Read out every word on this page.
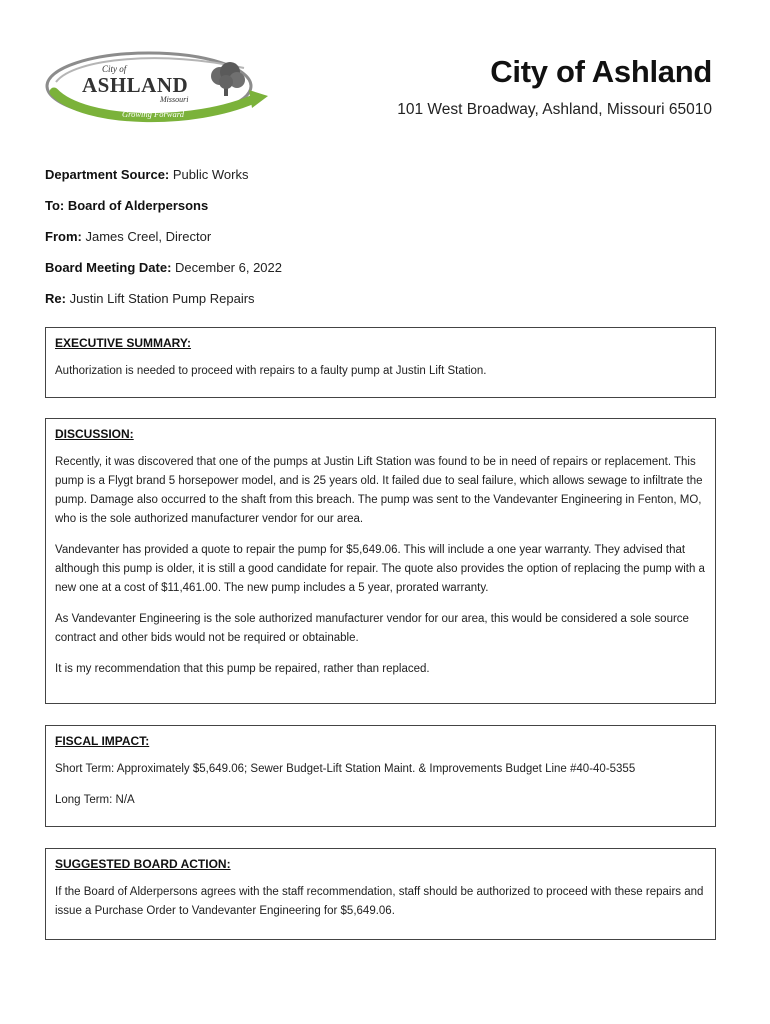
City of
ASHLAND
Missouri
Growing Forward
City of Ashland
101 West Broadway, Ashland, Missouri 65010
Department Source: Public Works
To: Board of Alderpersons
From: James Creel, Director
Board Meeting Date: December 6, 2022
Re: Justin Lift Station Pump Repairs
EXECUTIVE SUMMARY:

Authorization is needed to proceed with repairs to a faulty pump at Justin Lift Station.

DISCUSSION:

Recently, it was discovered that one of the pumps at Justin Lift Station was found to be in need of repairs or replacement. This pump is a Flygt brand 5 horsepower model, and is 25 years old. It failed due to seal failure, which allows sewage to infiltrate the pump. Damage also occurred to the shaft from this breach. The pump was sent to the Vandevanter Engineering in Fenton, MO, who is the sole authorized manufacturer vendor for our area.

Vandevanter has provided a quote to repair the pump for $5,649.06. This will include a one year warranty. They advised that although this pump is older, it is still a good candidate for repair. The quote also provides the option of replacing the pump with a new one at a cost of $11,461.00. The new pump includes a 5 year, prorated warranty.

As Vandevanter Engineering is the sole authorized manufacturer vendor for our area, this would be considered a sole source contract and other bids would not be required or obtainable.

It is my recommendation that this pump be repaired, rather than replaced.

FISCAL IMPACT:

Short Term: Approximately $5,649.06; Sewer Budget-Lift Station Maint. & Improvements Budget Line #40-40-5355

Long Term: N/A

SUGGESTED BOARD ACTION:

If the Board of Alderpersons agrees with the staff recommendation, staff should be authorized to proceed with these repairs and issue a Purchase Order to Vandevanter Engineering for $5,649.06.
